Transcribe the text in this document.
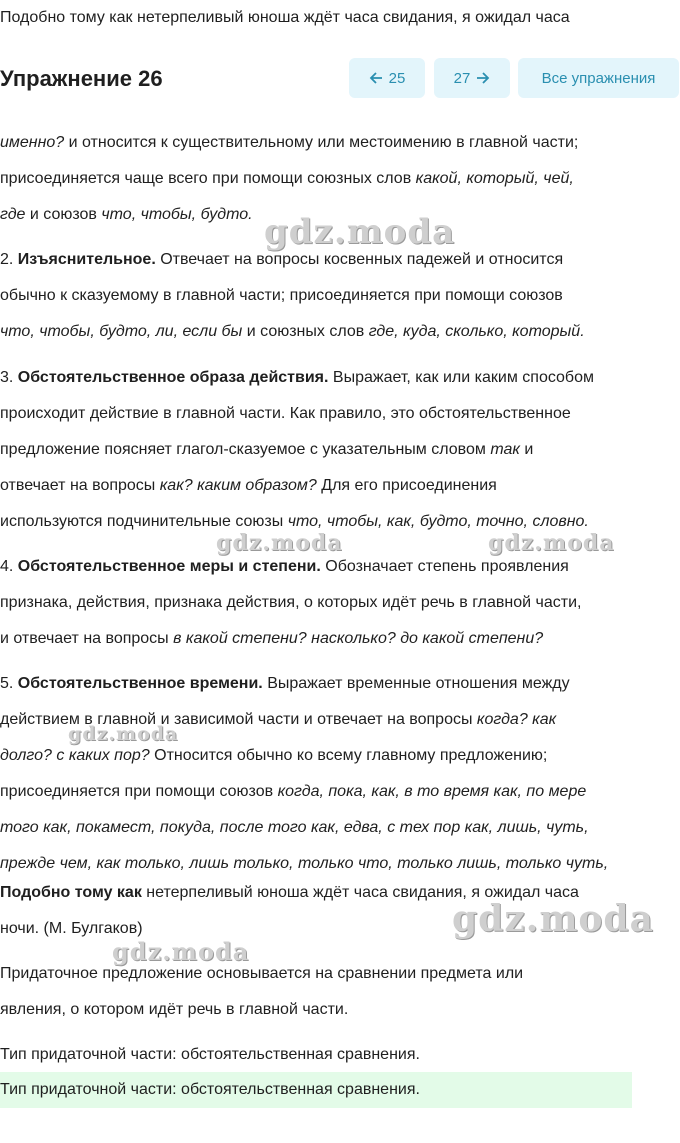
Подобно тому как нетерпеливый юноша ждёт часа свидания, я ожидал часа
Упражнение 26	25	27	Все упражнения
именно? и относится к существительному или местоимению в главной части;
присоединяется чаще всего при помощи союзных слов какой, который, чей,
где и союзов что, чтобы, будто.
2. Изъяснительное. Отвечает на вопросы косвенных падежей и относится
обычно к сказуемому в главной части; присоединяется при помощи союзов
что, чтобы, будто, ли, если бы и союзных слов где, куда, сколько, который.
3. Обстоятельственное образа действия. Выражает, как или каким способом
происходит действие в главной части. Как правило, это обстоятельственное
предложение поясняет глагол-сказуемое с указательным словом так и
отвечает на вопросы как? каким образом? Для его присоединения
используются подчинительные союзы что, чтобы, как, будто, точно, словно.
4. Обстоятельственное меры и степени. Обозначает степень проявления
признака, действия, признака действия, о которых идёт речь в главной части,
и отвечает на вопросы в какой степени? насколько? до какой степени?
5. Обстоятельственное времени. Выражает временные отношения между
действием в главной и зависимой части и отвечает на вопросы когда? как
долго? с каких пор? Относится обычно ко всему главному предложению;
присоединяется при помощи союзов когда, пока, как, в то время как, по мере
того как, покамест, покуда, после того как, едва, с тех пор как, лишь, чуть,
прежде чем, как только, лишь только, только что, только лишь, только чуть,
Подобно тому как нетерпеливый юноша ждёт часа свидания, я ожидал часа
ночи. (М. Булгаков)
Придаточное предложение основывается на сравнении предмета или
явления, о котором идёт речь в главной части.
Тип придаточной части: обстоятельственная сравнения.
Тип придаточной части: обстоятельственная сравнения.
gdz.moda
gdz.moda	gdz.moda
gdz.moda
gdz.moda
gdz.moda
